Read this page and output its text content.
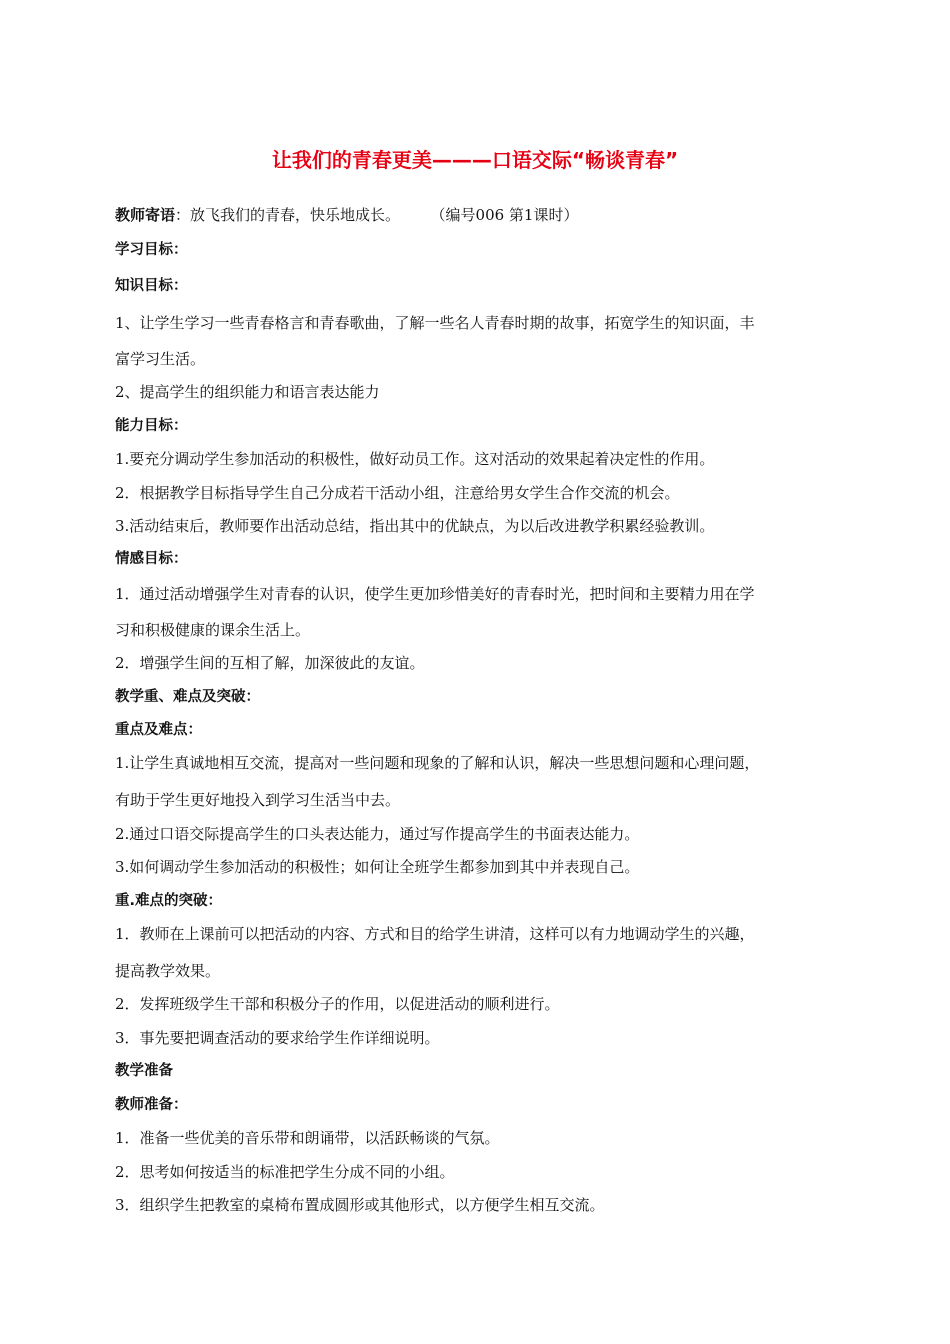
让我们的青春更美———口语交际“畅谈青春”
教师寄语：放飞我们的青春，快乐地成长。	（编号006 第1课时）
学习目标：
知识目标：
1、让学生学习一些青春格言和青春歌曲，了解一些名人青春时期的故事，拓宽学生的知识面，丰
富学习生活。
2、提高学生的组织能力和语言表达能力
能力目标：
1.要充分调动学生参加活动的积极性，做好动员工作。这对活动的效果起着决定性的作用。
2．根据教学目标指导学生自己分成若干活动小组，注意给男女学生合作交流的机会。
3.活动结束后，教师要作出活动总结，指出其中的优缺点，为以后改进教学积累经验教训。
情感目标：
1．通过活动增强学生对青春的认识，使学生更加珍惜美好的青春时光，把时间和主要精力用在学
习和积极健康的课余生活上。
2．增强学生间的互相了解，加深彼此的友谊。
教学重、难点及突破：
重点及难点：
1.让学生真诚地相互交流，提高对一些问题和现象的了解和认识，解决一些思想问题和心理问题，
有助于学生更好地投入到学习生活当中去。
2.通过口语交际提高学生的口头表达能力，通过写作提高学生的书面表达能力。
3.如何调动学生参加活动的积极性；如何让全班学生都参加到其中并表现自己。
重.难点的突破：
1．教师在上课前可以把活动的内容、方式和目的给学生讲清，这样可以有力地调动学生的兴趣，
提高教学效果。
2．发挥班级学生干部和积极分子的作用，以促进活动的顺利进行。
3．事先要把调查活动的要求给学生作详细说明。
教学准备
教师准备：
1．准备一些优美的音乐带和朗诵带，以活跃畅谈的气氛。
2．思考如何按适当的标准把学生分成不同的小组。
3．组织学生把教室的桌椅布置成圆形或其他形式，以方便学生相互交流。
